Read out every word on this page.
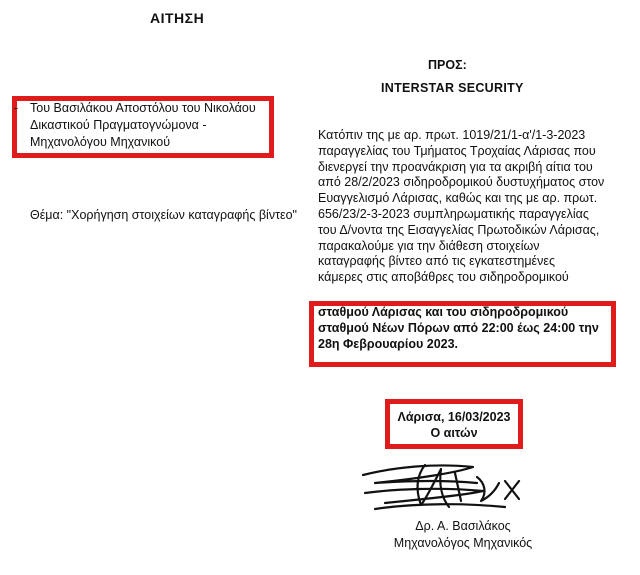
ΑΙΤΗΣΗ
- Του Βασιλάκου Αποστόλου του Νικολάου
Δικαστικού Πραγματογνώμονα -
Μηχανολόγου Μηχανικού
Θέμα: "Χορήγηση στοιχείων καταγραφής βίντεο"
ΠΡΟΣ:
INTERSTAR SECURITY
Κατόπιν της με αρ. πρωτ. 1019/21/1-α'/1-3-2023
παραγγελίας του Τμήματος Τροχαίας Λάρισας που
διενεργεί την προανάκριση για τα ακριβή αίτια του
από 28/2/2023 σιδηροδρομικού δυστυχήματος στον
Ευαγγελισμό Λάρισας, καθώς και της με αρ. πρωτ.
656/23/2-3-2023 συμπληρωματικής παραγγελίας
του Δ/νοντα της Εισαγγελίας Πρωτοδικών Λάρισας,
παρακαλούμε για την διάθεση στοιχείων
καταγραφής βίντεο από τις εγκατεστημένες
κάμερες στις αποβάθρες του σιδηροδρομικού
σταθμού Λάρισας και του σιδηροδρομικού
σταθμού Νέων Πόρων από 22:00 έως 24:00 την
28η Φεβρουαρίου 2023.
Λάρισα, 16/03/2023
Ο αιτών
Δρ. Α. Βασιλάκος
Μηχανολόγος Μηχανικός
